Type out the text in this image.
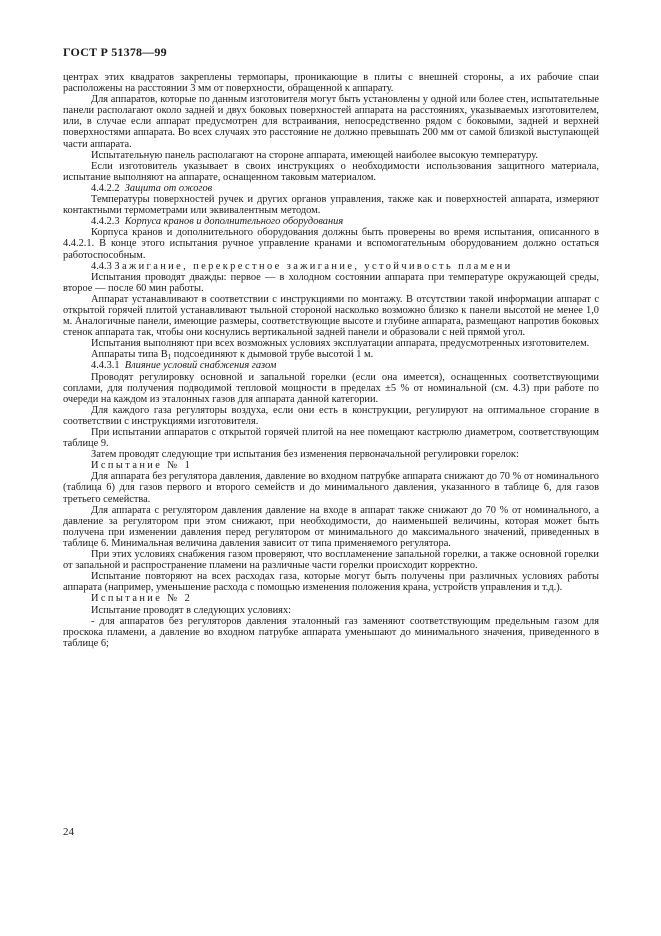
ГОСТ Р 51378—99

центрах этих квадратов закреплены термопары, проникающие в плиты с внешней стороны, а их рабочие спаи расположены на расстоянии 3 мм от поверхности, обращенной к аппарату.

Для аппаратов, которые по данным изготовителя могут быть установлены у одной или более стен, испытательные панели располагают около задней и двух боковых поверхностей аппарата на расстояниях, указываемых изготовителем, или, в случае если аппарат предусмотрен для встраивания, непосредственно рядом с боковыми, задней и верхней поверхностями аппарата. Во всех случаях это расстояние не должно превышать 200 мм от самой близкой выступающей части аппарата.

Испытательную панель располагают на стороне аппарата, имеющей наиболее высокую температуру.

Если изготовитель указывает в своих инструкциях о необходимости использования защитного материала, испытание выполняют на аппарате, оснащенном таковым материалом.

4.4.2.2 Защита от ожогов

Температуры поверхностей ручек и других органов управления, также как и поверхностей аппарата, измеряют контактными термометрами или эквивалентным методом.

4.4.2.3 Корпуса кранов и дополнительного оборудования

Корпуса кранов и дополнительного оборудования должны быть проверены во время испытания, описанного в 4.4.2.1. В конце этого испытания ручное управление кранами и вспомогательным оборудованием должно остаться работоспособным.

4.4.3 Зажигание, перекрестное зажигание, устойчивость пламени

Испытания проводят дважды: первое — в холодном состоянии аппарата при температуре окружающей среды, второе — после 60 мин работы.

Аппарат устанавливают в соответствии с инструкциями по монтажу. В отсутствии такой информации аппарат с открытой горячей плитой устанавливают тыльной стороной насколько возможно близко к панели высотой не менее 1,0 м. Аналогичные панели, имеющие размеры, соответствующие высоте и глубине аппарата, размещают напротив боковых стенок аппарата так, чтобы они коснулись вертикальной задней панели и образовали с ней прямой угол.

Испытания выполняют при всех возможных условиях эксплуатации аппарата, предусмотренных изготовителем.

Аппараты типа $В_1$ подсоединяют к дымовой трубе высотой 1 м.

4.4.3.1 Влияние условий снабжения газом

Проводят регулировку основной и запальной горелки (если она имеется), оснащенных соответствующими соплами, для получения подводимой тепловой мощности в пределах ±5 % от номинальной (см. 4.3) при работе по очереди на каждом из эталонных газов для аппарата данной категории.

Для каждого газа регуляторы воздуха, если они есть в конструкции, регулируют на оптимальное сгорание в соответствии с инструкциями изготовителя.

При испытании аппаратов с открытой горячей плитой на нее помещают кастрюлю диаметром, соответствующим таблице 9.

Затем проводят следующие три испытания без изменения первоначальной регулировки горелок:

Испытание № 1

Для аппарата без регулятора давления, давление во входном патрубке аппарата снижают до 70 % от номинального (таблица 6) для газов первого и второго семейств и до минимального давления, указанного в таблице 6, для газов третьего семейства.

Для аппарата с регулятором давления давление на входе в аппарат также снижают до 70 % от номинального, а давление за регулятором при этом снижают, при необходимости, до наименьшей величины, которая может быть получена при изменении давления перед регулятором от минимального до максимального значений, приведенных в таблице 6. Минимальная величина давления зависит от типа применяемого регулятора.

При этих условиях снабжения газом проверяют, что воспламенение запальной горелки, а также основной горелки от запальной и распространение пламени на различные части горелки происходит корректно.

Испытание повторяют на всех расходах газа, которые могут быть получены при различных условиях работы аппарата (например, уменьшение расхода с помощью изменения положения крана, устройств управления и т.д.).

Испытание № 2

Испытание проводят в следующих условиях:

- для аппаратов без регуляторов давления эталонный газ заменяют соответствующим предельным газом для проскока пламени, а давление во входном патрубке аппарата уменьшают до минимального значения, приведенного в таблице 6;

24
